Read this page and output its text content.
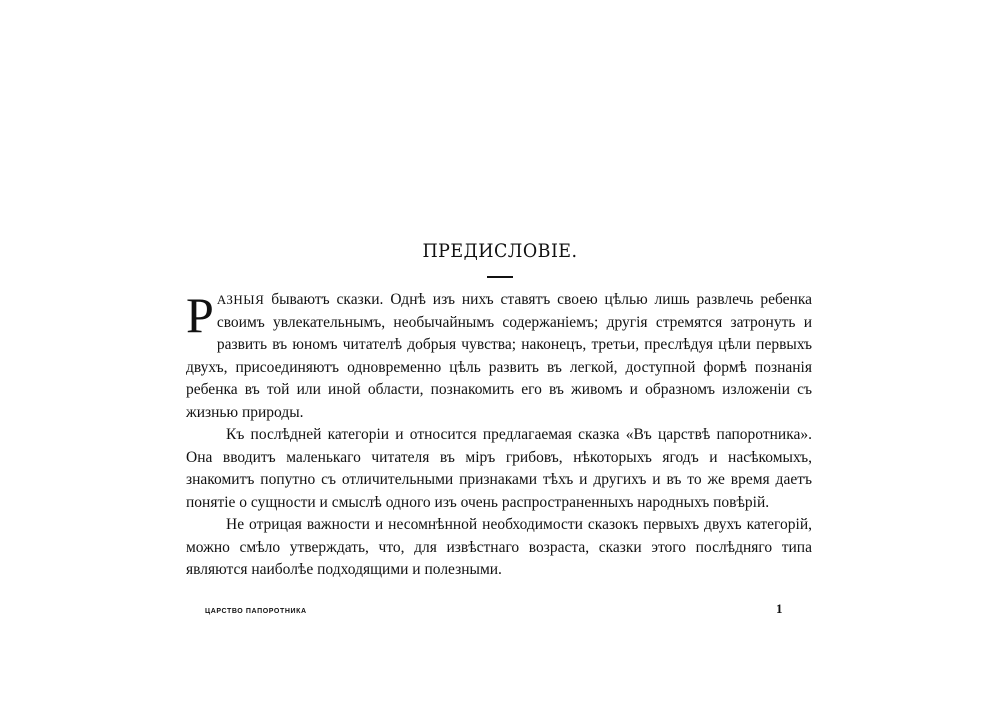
ПРЕДИСЛОВІЕ.

РАЗНЫЯ бываютъ сказки. Однѣ изъ нихъ ставятъ своею цѣлью лишь развлечь ребенка своимъ увлекательнымъ, необычайнымъ содержаніемъ; другія стремятся затронуть и развить въ юномъ читателѣ добрыя чувства; наконецъ, третьи, преслѣдуя цѣли первыхъ двухъ, присоединяютъ одновременно цѣль развить въ легкой, доступной формѣ познанія ребенка въ той или иной области, познакомить его въ живомъ и образномъ изложеніи съ жизнью природы.

Къ послѣдней категоріи и относится предлагаемая сказка «Въ царствѣ папоротника». Она вводитъ маленькаго читателя въ міръ грибовъ, нѣкоторыхъ ягодъ и насѣкомыхъ, знакомитъ попутно съ отличительными признаками тѣхъ и другихъ и въ то же время даетъ понятіе о сущности и смыслѣ одного изъ очень распространенныхъ народныхъ повѣрій.

Не отрицая важности и несомнѣнной необходимости сказокъ первыхъ двухъ категорій, можно смѣло утверждать, что, для извѣстнаго возраста, сказки этого послѣдняго типа являются наиболѣе подходящими и полезными.

ЦАРСТВО ПАПОРОТНИКА	1
